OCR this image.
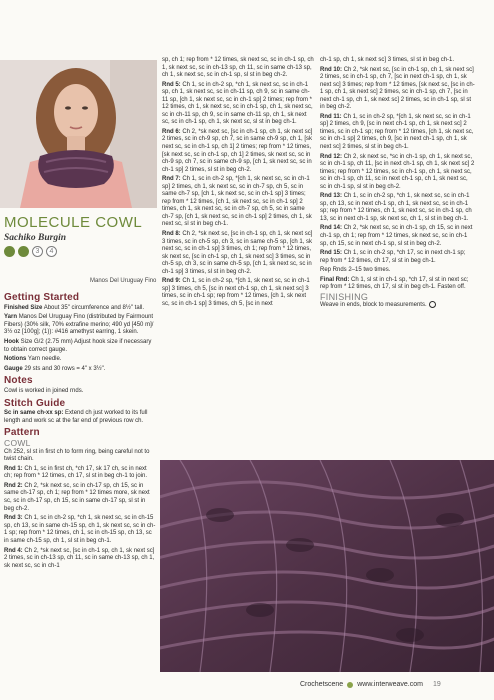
MOLECULE COWL
Sachiko Burgin
3	4
Manos Del Uruguay Fino
Getting Started

Finished Size About 35" circumference and 8½" tall.

Yarn Manos Del Uruguay Fino (distributed by Fairmount Fibers) (30% silk, 70% extrafine merino; 490 yd [450 m]/ 3½ oz [100g]; (1)): #416 amethyst earring, 1 skein.

Hook Size G/2 (2.75 mm) Adjust hook size if necessary to obtain correct gauge.

Notions Yarn needle.

Gauge 29 sts and 30 rows = 4" x 3½".

Notes

Cowl is worked in joined rnds.

Stitch Guide

Sc in same ch-xx sp: Extend ch just worked to its full length and work sc at the far end of previous row ch.

Pattern
COWL

Ch 252, sl st in first ch to form ring, being careful not to twist chain.

Rnd 1: Ch 1, sc in first ch, *ch 17, sk 17 ch, sc in next ch; rep from * 12 times, ch 17, sl st in beg ch-1 to join.

Rnd 2: Ch 2, *sk next sc, sc in ch-17 sp, ch 15, sc in same ch-17 sp, ch 1; rep from * 12 times more, sk next sc, sc in ch-17 sp, ch 15, sc in same ch-17 sp, sl st in beg ch-2.

Rnd 3: Ch 1, sc in ch-2 sp, *ch 1, sk next sc, sc in ch-15 sp, ch 13, sc in same ch-15 sp, ch 1, sk next sc, sc in ch-1 sp; rep from * 12 times, ch 1, sc in ch-15 sp, ch 13, sc in same ch-15 sp, ch 1, sl st in beg ch-1.

Rnd 4: Ch 2, *sk next sc, [sc in ch-1 sp, ch 1, sk next sc] 2 times, sc in ch-13 sp, ch 11, sc in same ch-13 sp, ch 1, sk next sc, sc in ch-1

sp, ch 1; rep from * 12 times, sk next sc, sc in ch-1 sp, ch 1, sk next sc, sc in ch-13 sp, ch 11, sc in same ch-13 sp, ch 1, sk next sc, sc in ch-1 sp, sl st in beg ch-2.

Rnd 5: Ch 1, sc in ch-2 sp, *ch 1, sk next sc, sc in ch-1 sp, ch 1, sk next sc, sc in ch-11 sp, ch 9, sc in same ch-11 sp, [ch 1, sk next sc, sc in ch-1 sp] 2 times; rep from * 12 times, ch 1, sk next sc, sc in ch-1 sp, ch 1, sk next sc, sc in ch-11 sp, ch 9, sc in same ch-11 sp, ch 1, sk next sc, sc in ch-1 sp, ch 1, sk next sc, sl st in beg ch-1.

Rnd 6: Ch 2, *sk next sc, [sc in ch-1 sp, ch 1, sk next sc] 2 times, sc in ch-9 sp, ch 7, sc in same ch-9 sp, ch 1, [sk next sc, sc in ch-1 sp, ch 1] 2 times; rep from * 12 times, [sk next sc, sc in ch-1 sp, ch 1] 2 times, sk next sc, sc in ch-9 sp, ch 7, sc in same ch-9 sp, [ch 1, sk next sc, sc in ch-1 sp] 2 times, sl st in beg ch-2.

Rnd 7: Ch 1, sc in ch-2 sp, *[ch 1, sk next sc, sc in ch-1 sp] 2 times, ch 1, sk next sc, sc in ch-7 sp, ch 5, sc in same ch-7 sp, [ch 1, sk next sc, sc in ch-1 sp] 3 times; rep from * 12 times, [ch 1, sk next sc, sc in ch-1 sp] 2 times, ch 1, sk next sc, sc in ch-7 sp, ch 5, sc in same ch-7 sp, [ch 1, sk next sc, sc in ch-1 sp] 2 times, ch 1, sk next sc, sl st in beg ch-1.

Rnd 8: Ch 2, *sk next sc, [sc in ch-1 sp, ch 1, sk next sc] 3 times, sc in ch-5 sp, ch 3, sc in same ch-5 sp, [ch 1, sk next sc, sc in ch-1 sp] 3 times, ch 1; rep from * 12 times, sk next sc, [sc in ch-1 sp, ch 1, sk next sc] 3 times, sc in ch-5 sp, ch 3, sc in same ch-5 sp, [ch 1, sk next sc, sc in ch-1 sp] 3 times, sl st in beg ch-2.

Rnd 9: Ch 1, sc in ch-2 sp, *[ch 1, sk next sc, sc in ch-1 sp] 3 times, ch 5, [sc in next ch-1 sp, ch 1, sk next sc] 3 times, sc in ch-1 sp; rep from * 12 times, [ch 1, sk next sc, sc in ch-1 sp] 3 times, ch 5, [sc in next

ch-1 sp, ch 1, sk next sc] 3 times, sl st in beg ch-1.

Rnd 10: Ch 2, *sk next sc, [sc in ch-1 sp, ch 1, sk next sc] 2 times, sc in ch-1 sp, ch 7, [sc in next ch-1 sp, ch 1, sk next sc] 3 times; rep from * 12 times, [sk next sc, [sc in ch-1 sp, ch 1, sk next sc] 2 times, sc in ch-1 sp, ch 7, [sc in next ch-1 sp, ch 1, sk next sc] 2 times, sc in ch-1 sp, sl st in beg ch-2.

Rnd 11: Ch 1, sc in ch-2 sp, *[ch 1, sk next sc, sc in ch-1 sp] 2 times, ch 9, [sc in next ch-1 sp, ch 1, sk next sc] 2 times, sc in ch-1 sp; rep from * 12 times, [ch 1, sk next sc, sc in ch-1 sp] 2 times, ch 9, [sc in next ch-1 sp, ch 1, sk next sc] 2 times, sl st in beg ch-1.

Rnd 12: Ch 2, sk next sc, *sc in ch-1 sp, ch 1, sk next sc, sc in ch-1 sp, ch 11, [sc in next ch-1 sp, ch 1, sk next sc] 2 times; rep from * 12 times, sc in ch-1 sp, ch 1, sk next sc, sc in ch-1 sp, ch 11, sc in next ch-1 sp, ch 1, sk next sc, sc in ch-1 sp, sl st in beg ch-2.

Rnd 13: Ch 1, sc in ch-2 sp, *ch 1, sk next sc, sc in ch-1 sp, ch 13, sc in next ch-1 sp, ch 1, sk next sc, sc in ch-1 sp; rep from * 12 times, ch 1, sk next sc, sc in ch-1 sp, ch 13, sc in next ch-1 sp, sk next sc, ch 1, sl st in beg ch-1.

Rnd 14: Ch 2, *sk next sc, sc in ch-1 sp, ch 15, sc in next ch-1 sp, ch 1; rep from * 12 times, sk next sc, sc in ch-1 sp, ch 15, sc in next ch-1 sp, sl st in beg ch-2.

Rnd 15: Ch 1, sc in ch-2 sp, *ch 17, sc in next ch-1 sp; rep from * 12 times, ch 17, sl st in beg ch-1.

Rep Rnds 2–15 two times.

Final Rnd: Ch 1, sl st in ch-1 sp, *ch 17, sl st in next sc; rep from * 12 times, ch 17, sl st in beg ch-1. Fasten off.

FINISHING

Weave in ends, block to measurements.

Crochetscene www.interweave.com 19
